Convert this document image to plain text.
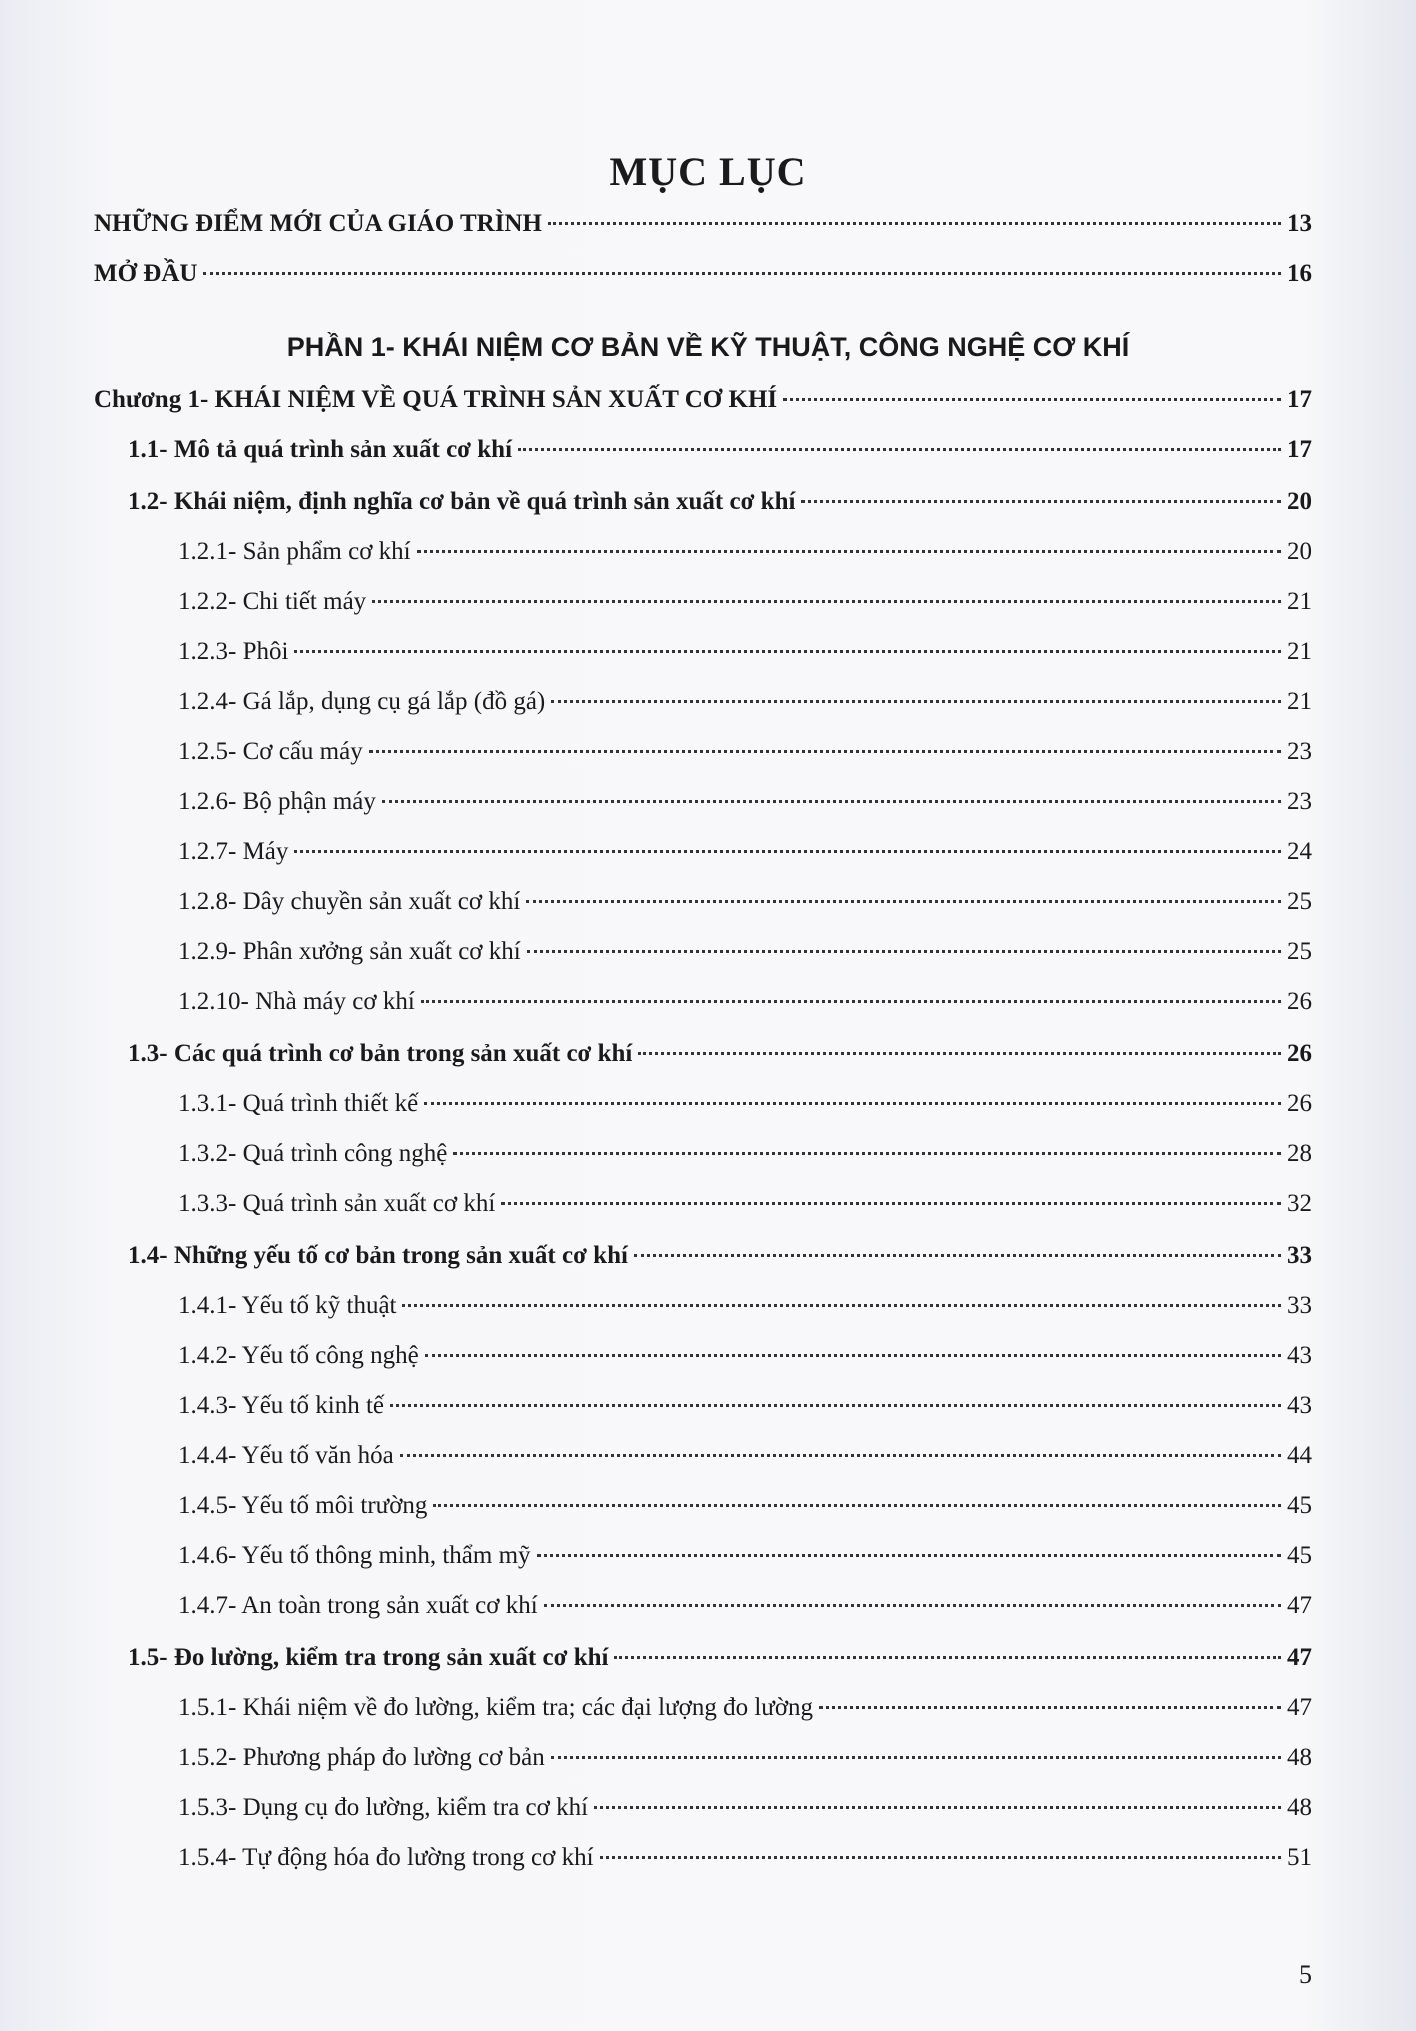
MỤC LỤC
PHẦN 1- KHÁI NIỆM CƠ BẢN VỀ KỸ THUẬT, CÔNG NGHỆ CƠ KHÍ
NHỮNG ĐIỂM MỚI CỦA GIÁO TRÌNH	13
MỞ ĐẦU	16
Chương 1- KHÁI NIỆM VỀ QUÁ TRÌNH SẢN XUẤT CƠ KHÍ	17
1.1- Mô tả quá trình sản xuất cơ khí	17
1.2- Khái niệm, định nghĩa cơ bản về quá trình sản xuất cơ khí	20
1.2.1- Sản phẩm cơ khí	20
1.2.2- Chi tiết máy	21
1.2.3- Phôi	21
1.2.4- Gá lắp, dụng cụ gá lắp (đồ gá)	21
1.2.5- Cơ cấu máy	23
1.2.6- Bộ phận máy	23
1.2.7- Máy	24
1.2.8- Dây chuyền sản xuất cơ khí	25
1.2.9- Phân xưởng sản xuất cơ khí	25
1.2.10- Nhà máy cơ khí	26
1.3- Các quá trình cơ bản trong sản xuất cơ khí	26
1.3.1- Quá trình thiết kế	26
1.3.2- Quá trình công nghệ	28
1.3.3- Quá trình sản xuất cơ khí	32
1.4- Những yếu tố cơ bản trong sản xuất cơ khí	33
1.4.1- Yếu tố kỹ thuật	33
1.4.2- Yếu tố công nghệ	43
1.4.3- Yếu tố kinh tế	43
1.4.4- Yếu tố văn hóa	44
1.4.5- Yếu tố môi trường	45
1.4.6- Yếu tố thông minh, thẩm mỹ	45
1.4.7- An toàn trong sản xuất cơ khí	47
1.5- Đo lường, kiểm tra trong sản xuất cơ khí	47
1.5.1- Khái niệm về đo lường, kiểm tra; các đại lượng đo lường	47
1.5.2- Phương pháp đo lường cơ bản	48
1.5.3- Dụng cụ đo lường, kiểm tra cơ khí	48
1.5.4- Tự động hóa đo lường trong cơ khí	51
5
